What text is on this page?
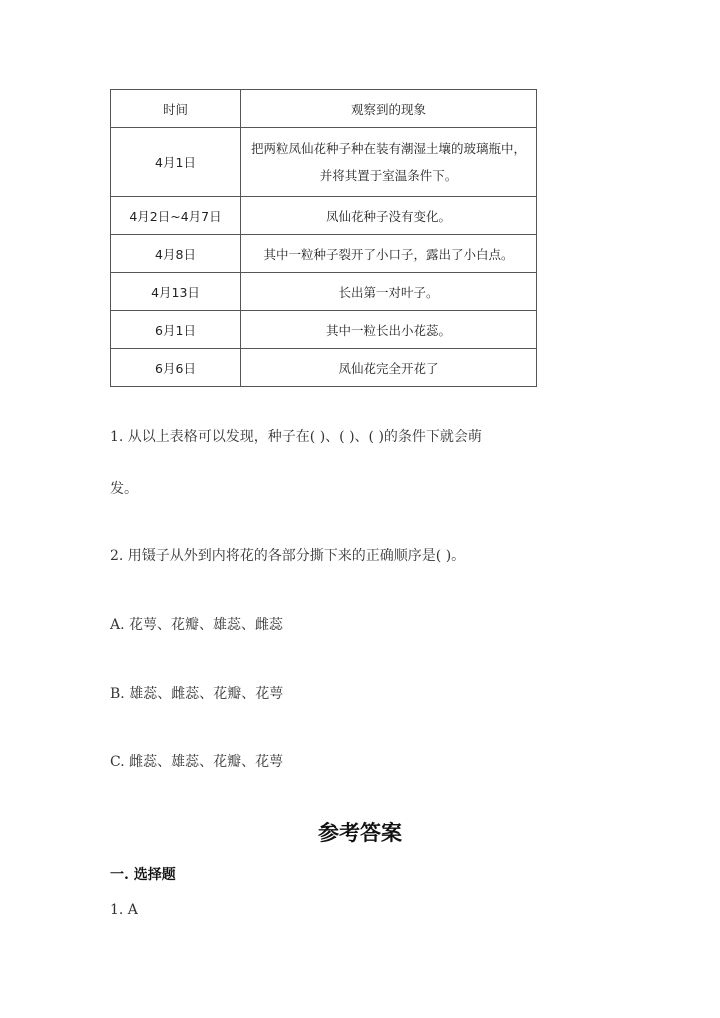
时间	观察到的现象
4月1日	把两粒凤仙花种子种在装有潮湿土壤的玻璃瓶中，
并将其置于室温条件下。

4月2日~4月7日	凤仙花种子没有变化。
4月8日	其中一粒种子裂开了小口子，露出了小白点。
4月13日	长出第一对叶子。
6月1日	其中一粒长出小花蕊。
6月6日	凤仙花完全开花了
1. 从以上表格可以发现，种子在( )、( )、( )的条件下就会萌
发。
2. 用镊子从外到内将花的各部分撕下来的正确顺序是( )。
A. 花萼、花瓣、雄蕊、雌蕊
B. 雄蕊、雌蕊、花瓣、花萼
C. 雌蕊、雄蕊、花瓣、花萼
参考答案
一. 选择题
1. A
